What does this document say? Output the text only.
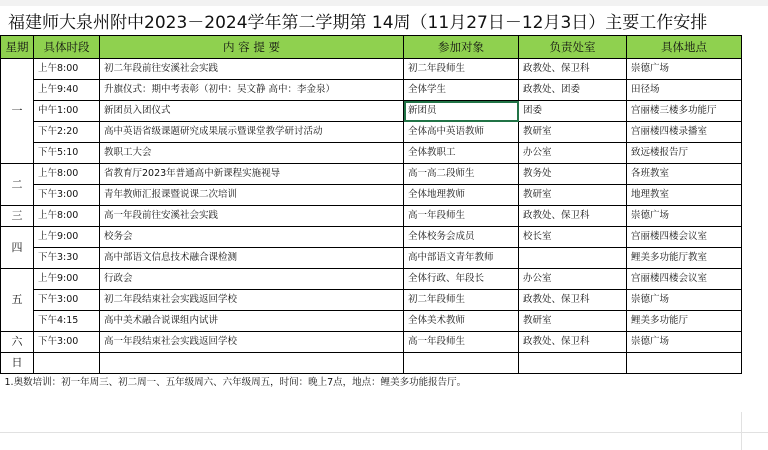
福建师大泉州附中2023－2024学年第二学期第 14周（11月27日－12月3日）主要工作安排
星期	具体时段	内 容 提 要	参加对象	负责处室	具体地点
一	上午8:00	初二年段前往安溪社会实践	初二年段师生	政教处、保卫科	崇德广场
	上午9:40	升旗仪式：期中考表彰（初中：吴文静 高中：李金泉）	全体学生	政教处、团委	田径场
	中午1:00	新团员入团仪式	新团员	团委	宫丽楼三楼多功能厅
	下午2:20	高中英语省级课题研究成果展示暨课堂教学研讨活动	全体高中英语教师	教研室	宫丽楼四楼录播室
	下午5:10	教职工大会	全体教职工	办公室	致远楼报告厅
二	上午8:00	省教育厅2023年普通高中新课程实施视导	高一高二段师生	教务处	各班教室
	下午3:00	青年教师汇报课暨说课二次培训	全体地理教师	教研室	地理教室
三	上午8:00	高一年段前往安溪社会实践	高一年段师生	政教处、保卫科	崇德广场
四	上午9:00	校务会	全体校务会成员	校长室	宫丽楼四楼会议室
	下午3:30	高中部语文信息技术融合课检测	高中部语文青年教师		鲤美多功能厅教室
五	上午9:00	行政会	全体行政、年段长	办公室	宫丽楼四楼会议室
	下午3:00	初二年段结束社会实践返回学校	初二年段师生	政教处、保卫科	崇德广场
	下午4:15	高中美术融合说课组内试讲	全体美术教师	教研室	鲤美多功能厅
六	下午3:00	高一年段结束社会实践返回学校	高一年段师生	政教处、保卫科	崇德广场
日					
1.奥数培训：初一年周三、初二周一、五年级周六、六年级周五，时间：晚上7点，地点：鲤美多功能报告厅。					
